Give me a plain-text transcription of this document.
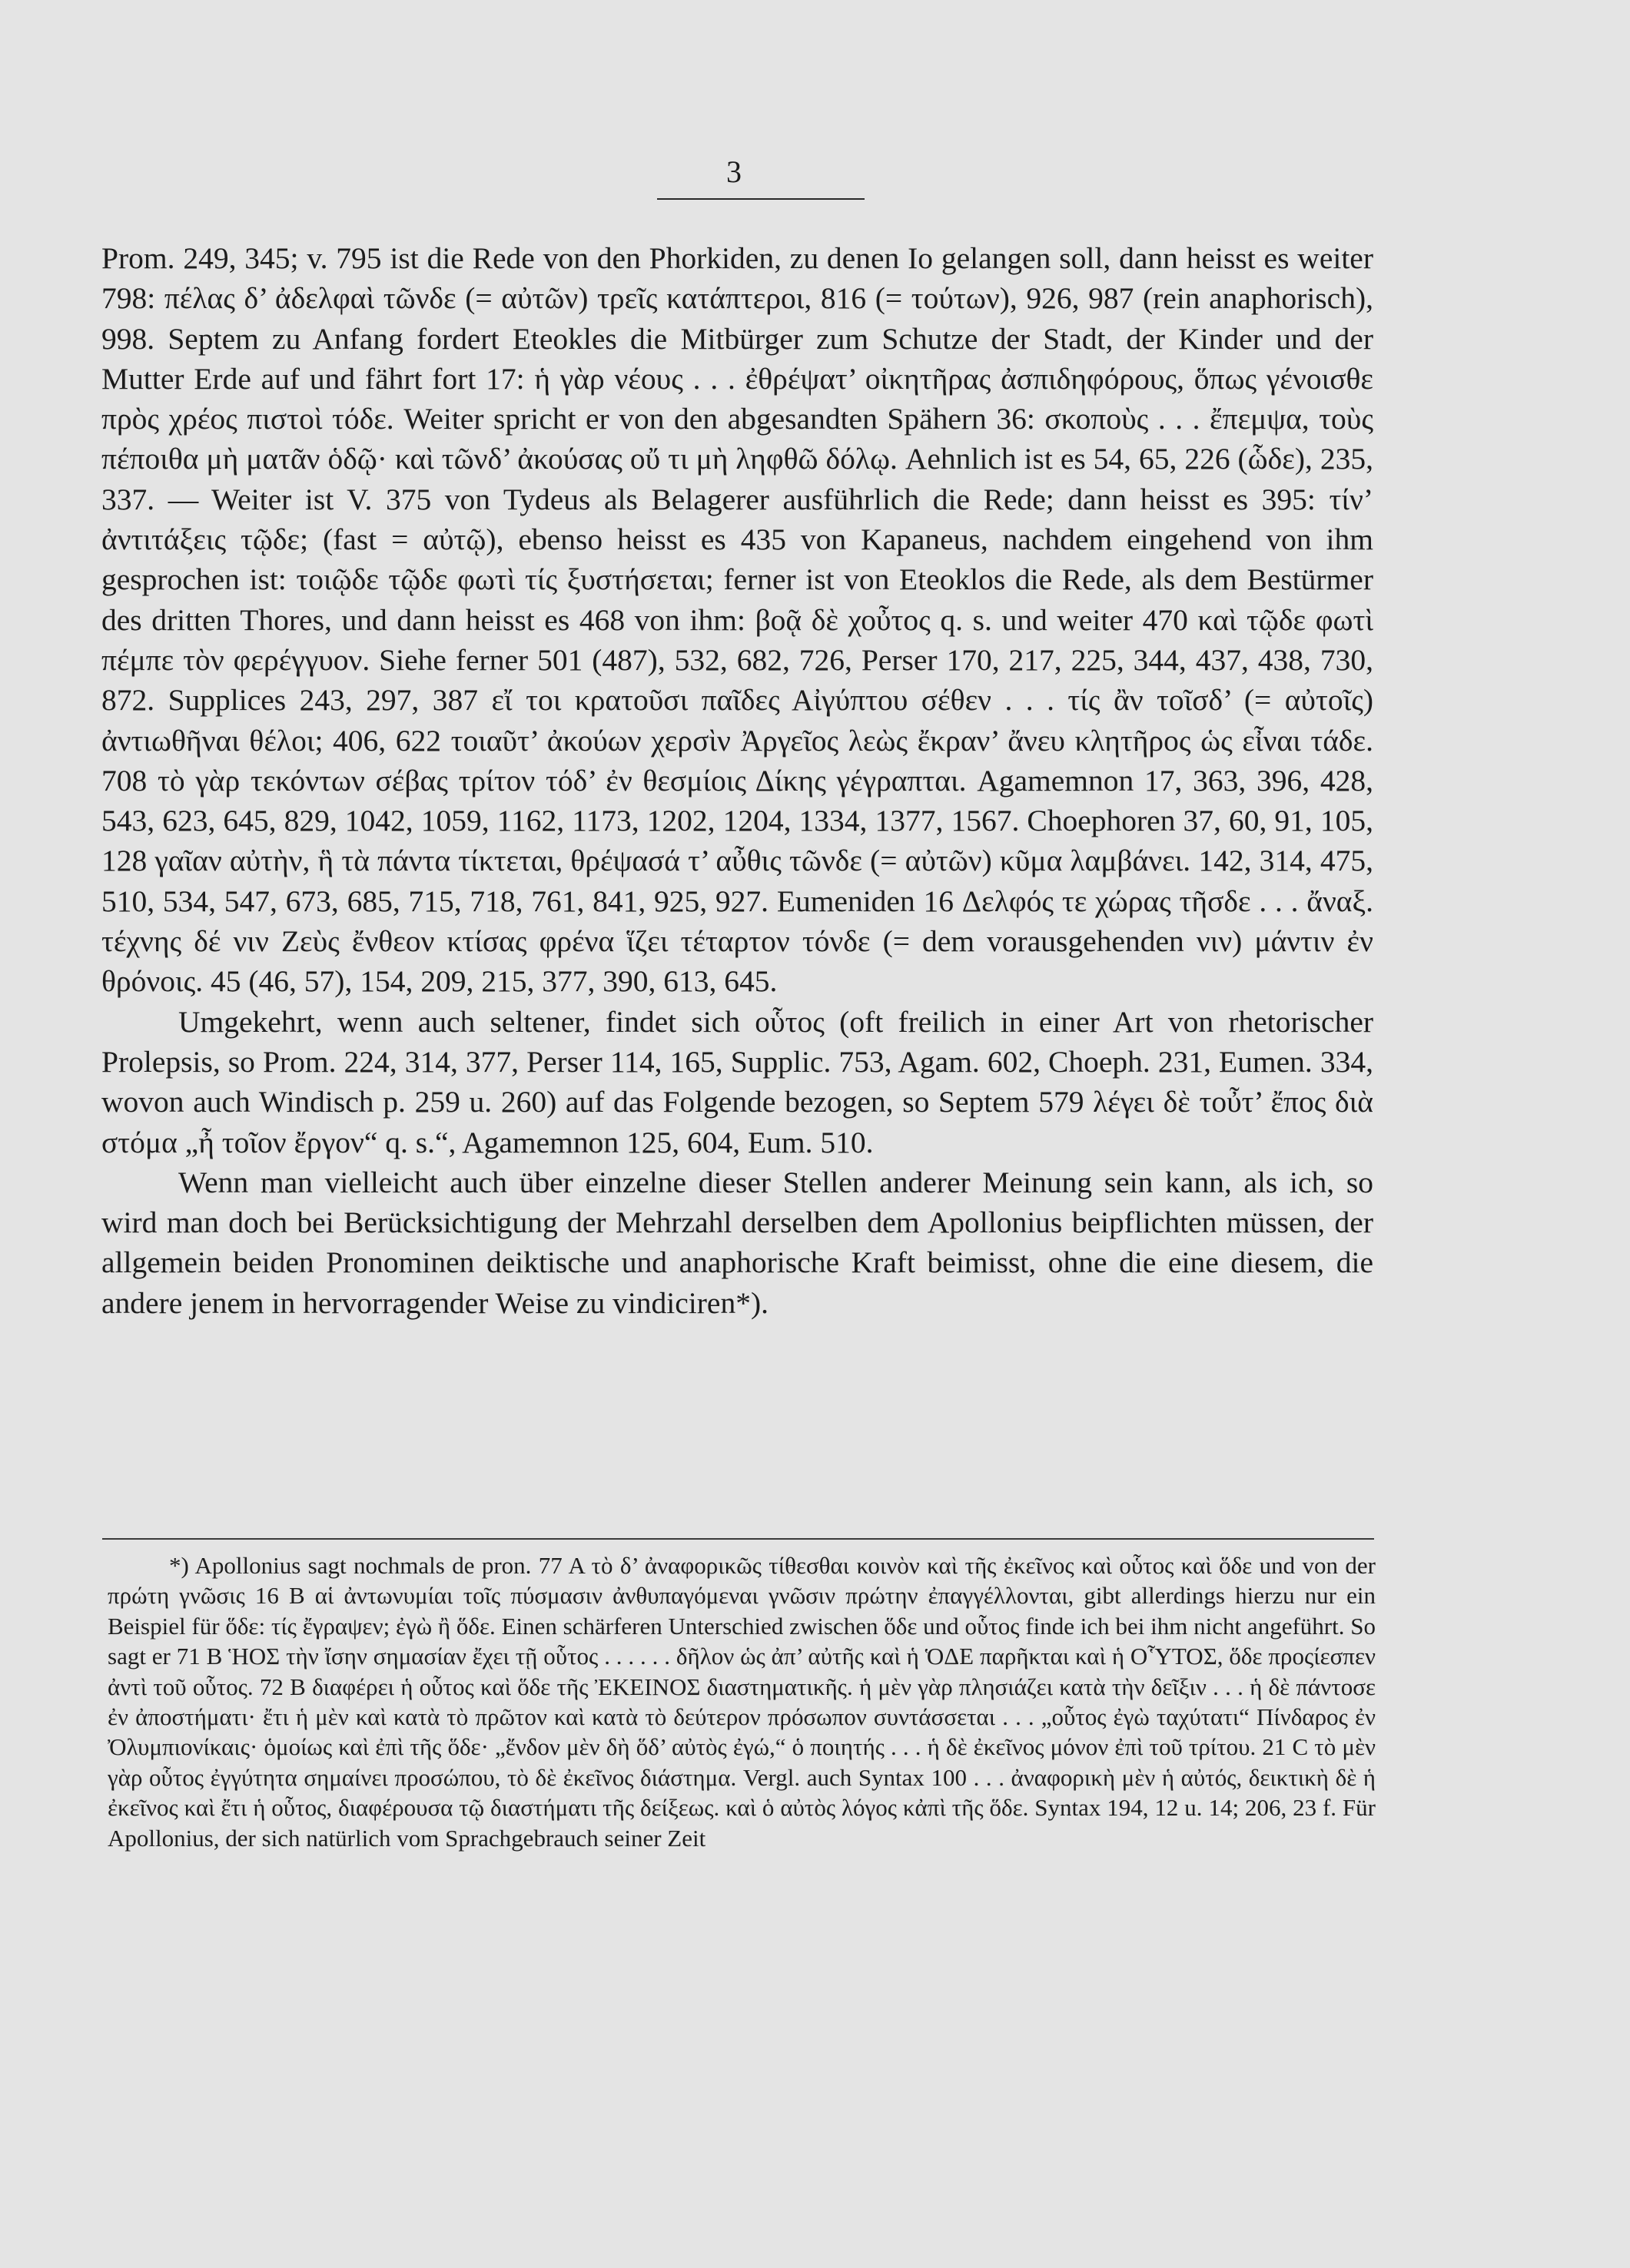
3

Prom. 249, 345; v. 795 ist die Rede von den Phorkiden, zu denen Io gelangen soll, dann heisst es weiter 798: πέλας δ’ ἀδελφαὶ τῶνδε (= αὐτῶν) τρεῖς κατάπτεροι, 816 (= τούτων), 926, 987 (rein anaphorisch), 998. Septem zu Anfang fordert Eteokles die Mitbürger zum Schutze der Stadt, der Kinder und der Mutter Erde auf und fährt fort 17: ἡ γὰρ νέους . . . ἐθρέψατ’ οἰκητῆρας ἀσπιδηφόρους, ὅπως γένοισθε πρὸς χρέος πιστοὶ τόδε. Weiter spricht er von den abgesandten Spähern 36: σκοποὺς . . . ἔπεμψα, τοὺς πέποιθα μὴ ματᾶν ὁδῷ· καὶ τῶνδ’ ἀκούσας οὔ τι μὴ ληφθῶ δόλῳ. Aehnlich ist es 54, 65, 226 (ὧδε), 235, 337. — Weiter ist V. 375 von Tydeus als Belagerer ausführlich die Rede; dann heisst es 395: τίν’ ἀντιτάξεις τῷδε; (fast = αὐτῷ), ebenso heisst es 435 von Kapaneus, nachdem eingehend von ihm gesprochen ist: τοιῷδε τῷδε φωτὶ τίς ξυστήσεται; ferner ist von Eteoklos die Rede, als dem Bestürmer des dritten Thores, und dann heisst es 468 von ihm: βοᾷ δὲ χοὖτος q. s. und weiter 470 καὶ τῷδε φωτὶ πέμπε τὸν φερέγγυον. Siehe ferner 501 (487), 532, 682, 726, Perser 170, 217, 225, 344, 437, 438, 730, 872. Supplices 243, 297, 387 εἴ τοι κρατοῦσι παῖδες Αἰγύπτου σέθεν . . . τίς ἂν τοῖσδ’ (= αὐτοῖς) ἀντιωθῆναι θέλοι; 406, 622 τοιαῦτ’ ἀκούων χερσὶν Ἀργεῖος λεὼς ἔκραν’ ἄνευ κλητῆρος ὡς εἶναι τάδε. 708 τὸ γὰρ τεκόντων σέβας τρίτον τόδ’ ἐν θεσμίοις Δίκης γέγραπται. Agamemnon 17, 363, 396, 428, 543, 623, 645, 829, 1042, 1059, 1162, 1173, 1202, 1204, 1334, 1377, 1567. Choephoren 37, 60, 91, 105, 128 γαῖαν αὐτὴν, ἣ τὰ πάντα τίκτεται, θρέψασά τ’ αὖθις τῶνδε (= αὐτῶν) κῦμα λαμβάνει. 142, 314, 475, 510, 534, 547, 673, 685, 715, 718, 761, 841, 925, 927. Eumeniden 16 Δελφός τε χώρας τῆσδε . . . ἄναξ. τέχνης δέ νιν Ζεὺς ἔνθεον κτίσας φρένα ἵζει τέταρτον τόνδε (= dem vorausgehenden νιν) μάντιν ἐν θρόνοις. 45 (46, 57), 154, 209, 215, 377, 390, 613, 645.

Umgekehrt, wenn auch seltener, findet sich οὗτος (oft freilich in einer Art von rhetorischer Prolepsis, so Prom. 224, 314, 377, Perser 114, 165, Supplic. 753, Agam. 602, Choeph. 231, Eumen. 334, wovon auch Windisch p. 259 u. 260) auf das Folgende bezogen, so Septem 579 λέγει δὲ τοὖτ’ ἔπος διὰ στόμα „ἦ τοῖον ἔργον“ q. s.“, Agamemnon 125, 604, Eum. 510.

Wenn man vielleicht auch über einzelne dieser Stellen anderer Meinung sein kann, als ich, so wird man doch bei Berücksichtigung der Mehrzahl derselben dem Apollonius beipflichten müssen, der allgemein beiden Pronominen deiktische und anaphorische Kraft beimisst, ohne die eine diesem, die andere jenem in hervorragender Weise zu vindiciren*).

*) Apollonius sagt nochmals de pron. 77 A τὸ δ’ ἀναφορικῶς τίθεσθαι κοινὸν καὶ τῆς ἐκεῖνος καὶ οὗτος καὶ ὅδε und von der πρώτη γνῶσις 16 B αἱ ἀντωνυμίαι τοῖς πύσμασιν ἀνθυπαγόμεναι γνῶσιν πρώτην ἐπαγγέλλονται, gibt allerdings hierzu nur ein Beispiel für ὅδε: τίς ἔγραψεν; ἐγὼ ἢ ὅδε. Einen schärferen Unterschied zwischen ὅδε und οὗτος finde ich bei ihm nicht angeführt. So sagt er 71 B ἩΟΣ τὴν ἴσην σημασίαν ἔχει τῇ οὗτος . . . . . . δῆλον ὡς ἀπ’ αὐτῆς καὶ ἡ ὉΔΕ παρῆκται καὶ ἡ ΟὟΤΟΣ, ὅδε προςίεσπεν ἀντὶ τοῦ οὗτος. 72 B διαφέρει ἡ οὗτος καὶ ὅδε τῆς ἘΚΕΙΝΟΣ διαστηματικῆς. ἡ μὲν γὰρ πλησιάζει κατὰ τὴν δεῖξιν . . . ἡ δὲ πάντοσε ἐν ἀποστήματι· ἔτι ἡ μὲν καὶ κατὰ τὸ πρῶτον καὶ κατὰ τὸ δεύτερον πρόσωπον συντάσσεται . . . „οὗτος ἐγὼ ταχύτατι“ Πίνδαρος ἐν Ὀλυμπιονίκαις· ὁμοίως καὶ ἐπὶ τῆς ὅδε· „ἔνδον μὲν δὴ ὅδ’ αὐτὸς ἐγώ,“ ὁ ποιητής . . . ἡ δὲ ἐκεῖνος μόνον ἐπὶ τοῦ τρίτου. 21 C τὸ μὲν γὰρ οὗτος ἐγγύτητα σημαίνει προσώπου, τὸ δὲ ἐκεῖνος διάστημα. Vergl. auch Syntax 100 . . . ἀναφορικὴ μὲν ἡ αὐτός, δεικτικὴ δὲ ἡ ἐκεῖνος καὶ ἔτι ἡ οὗτος, διαφέρουσα τῷ διαστήματι τῆς δείξεως. καὶ ὁ αὐτὸς λόγος κἀπὶ τῆς ὅδε. Syntax 194, 12 u. 14; 206, 23 f. Für Apollonius, der sich natürlich vom Sprachgebrauch seiner Zeit
